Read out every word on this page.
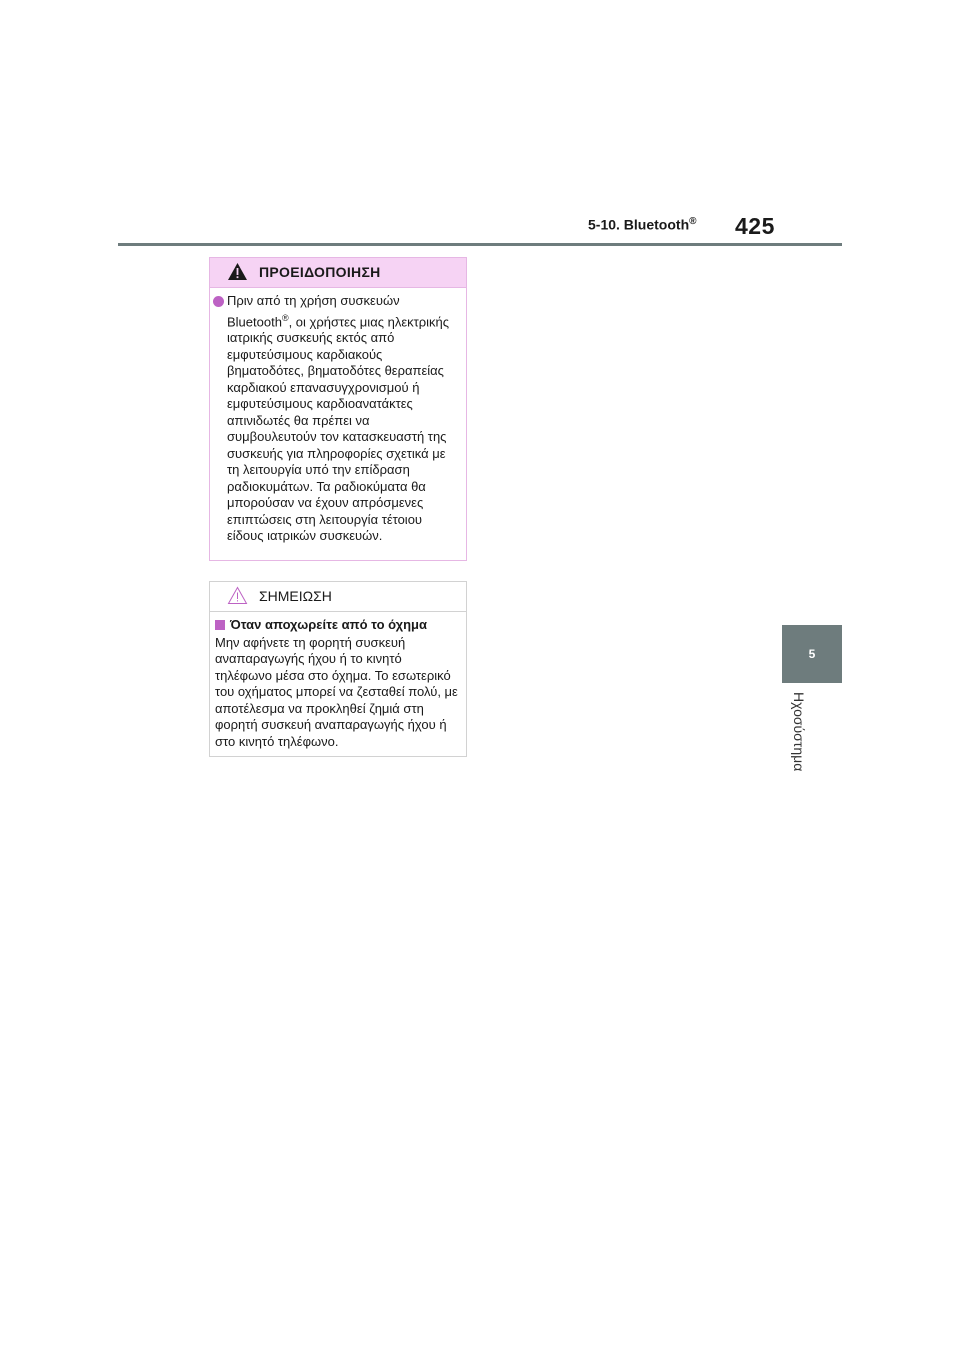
5-10. Bluetooth® 425
5
Ηχοσύστημα
ΠΡΟΕΙΔΟΠΟΙΗΣΗ
Πριν από τη χρήση συσκευών Bluetooth®, οι χρήστες μιας ηλεκτρικής ιατρικής συσκευής εκτός από εμφυτεύσιμους καρδιακούς βηματοδότες, βηματοδότες θεραπείας καρδιακού επανασυγχρονισμού ή εμφυτεύσιμους καρδιοανατάκτες απινιδωτές θα πρέπει να συμβουλευτούν τον κατασκευαστή της συσκευής για πληροφορίες σχετικά με τη λειτουργία υπό την επίδραση ραδιοκυμάτων. Τα ραδιοκύματα θα μπορούσαν να έχουν απρόσμενες επιπτώσεις στη λειτουργία τέτοιου είδους ιατρικών συσκευών.
ΣΗΜΕΙΩΣΗ
Όταν αποχωρείτε από το όχημα
Μην αφήνετε τη φορητή συσκευή αναπαραγωγής ήχου ή το κινητό τηλέφωνο μέσα στο όχημα. Το εσωτερικό του οχήματος μπορεί να ζεσταθεί πολύ, με αποτέλεσμα να προκληθεί ζημιά στη φορητή συσκευή αναπαραγωγής ήχου ή στο κινητό τηλέφωνο.
